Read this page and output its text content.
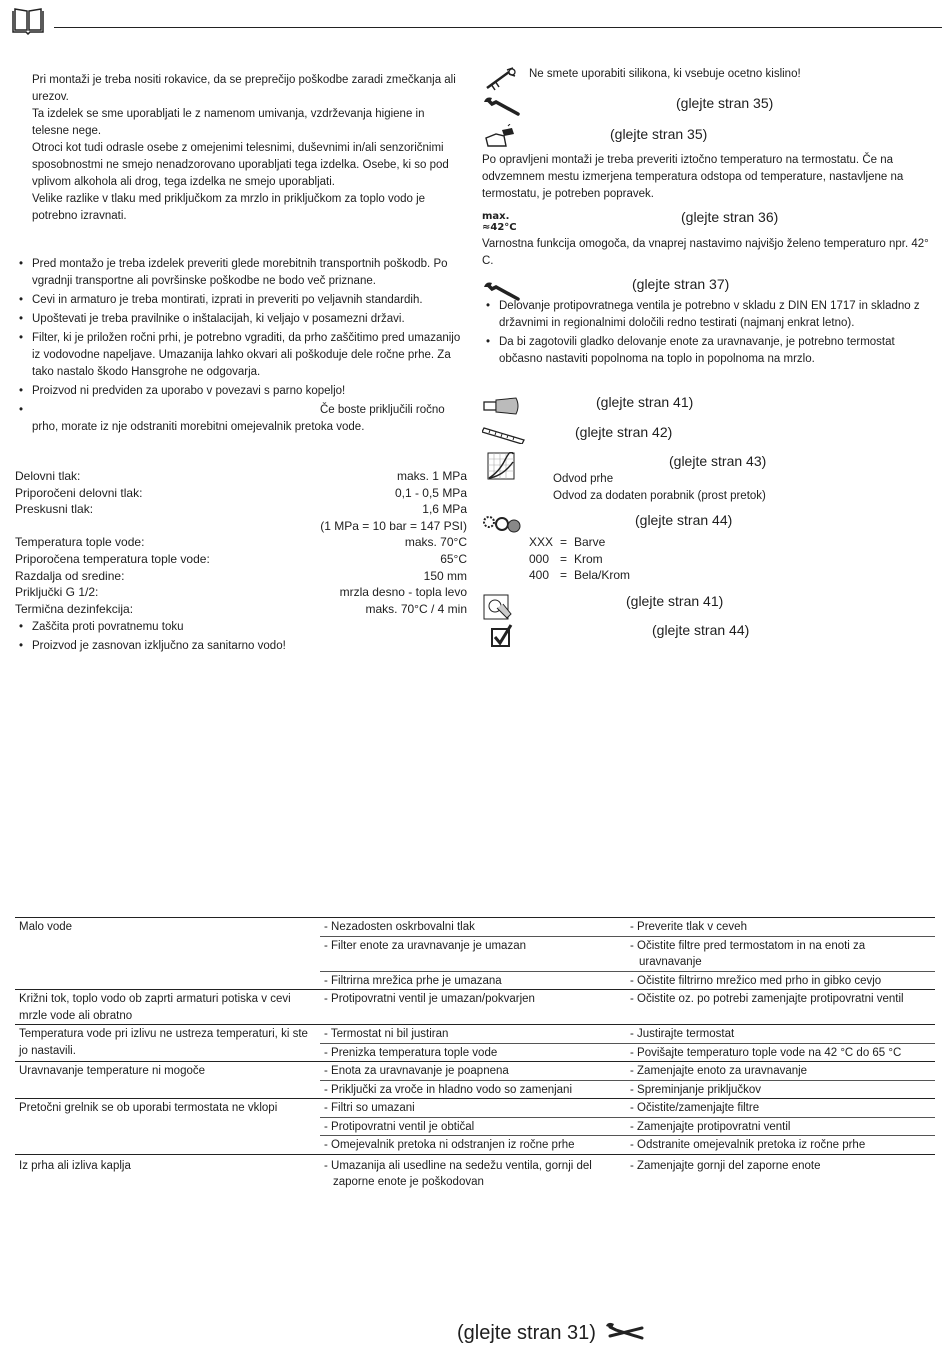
Pri montaži je treba nositi rokavice, da se preprečijo poškodbe zaradi zmečkanja ali urezov.

Ta izdelek se sme uporabljati le z namenom umivanja, vzdrževanja higiene in telesne nege.

Otroci kot tudi odrasle osebe z omejenimi telesnimi, duševnimi in/ali senzoričnimi sposobnostmi ne smejo nenadzorovano uporabljati tega izdelka. Osebe, ki so pod vplivom alkohola ali drog, tega izdelka ne smejo uporabljati.

Velike razlike v tlaku med priključkom za mrzlo in priključkom za toplo vodo je potrebno izravnati.

• Pred montažo je treba izdelek preveriti glede morebitnih transportnih poškodb. Po vgradnji transportne ali površinske poškodbe ne bodo več priznane.

• Cevi in armaturo je treba montirati, izprati in preveriti po veljavnih standardih.

• Upoštevati je treba pravilnike o inštalacijah, ki veljajo v posamezni državi.

• Filter, ki je priložen ročni prhi, je potrebno vgraditi, da prho zaščitimo pred umazanijo iz vodovodne napeljave. Umazanija lahko okvari ali poškoduje dele ročne prhe. Za tako nastalo škodo Hansgrohe ne odgovarja.

• Proizvod ni predviden za uporabo v povezavi s parno kopeljo!

• Če boste priključili ročno prho, morate iz nje odstraniti morebitni omejevalnik pretoka vode.

Delovni tlak:	maks. 1 MPa
Priporočeni delovni tlak:	0,1 - 0,5 MPa
Preskusni tlak:	1,6 MPa
(1 MPa = 10 bar = 147 PSI)
Temperatura tople vode:	maks. 70°C
Priporočena temperatura tople vode:	65°C
Razdalja od sredine:	150 mm
Priključki G 1/2:	mrzla desno - topla levo
Termična dezinfekcija:	maks. 70°C / 4 min

• Zaščita proti povratnemu toku

• Proizvod je zasnovan izključno za sanitarno vodo!

Ne smete uporabiti silikona, ki vsebuje ocetno kislino!

(glejte stran 35)

(glejte stran 35)

Po opravljeni montaži je treba preveriti iztočno temperaturo na termostatu. Če na odvzemnem mestu izmerjena temperatura odstopa od temperature, nastavljene na termostatu, je potreben popravek.

max.
≈42°C

(glejte stran 36)

Varnostna funkcija omogoča, da vnaprej nastavimo najvišjo želeno temperaturo npr. 42° C.

(glejte stran 37)

• Delovanje protipovratnega ventila je potrebno v skladu z DIN EN 1717 in skladno z državnimi in regionalnimi določili redno testirati (najmanj enkrat letno).

• Da bi zagotovili gladko delovanje enote za uravnavanje, je potrebno termostat občasno nastaviti popolnoma na toplo in popolnoma na mrzlo.

(glejte stran 41)

(glejte stran 42)

(glejte stran 43)

Odvod prhe

Odvod za dodaten porabnik (prost pretok)

(glejte stran 44)

XXX = Barve
000 = Krom
400 = Bela/Krom

(glejte stran 41)

(glejte stran 44)

Malo vode	- Nezadosten oskrbovalni tlak	- Preverite tlak v ceveh

	- Filter enote za uravnavanje je umazan	- Očistite filtre pred termostatom in na enoti za uravnavanje

	- Filtrirna mrežica prhe je umazana	- Očistite filtrirno mrežico med prho in gibko cevjo

Križni tok, toplo vodo ob zaprti armaturi potiska v cevi mrzle vode ali obratno	- Protipovratni ventil je umazan/pokvarjen	- Očistite oz. po potrebi zamenjajte protipovratni ventil

Temperatura vode pri izlivu ne ustreza temperaturi, ki ste jo nastavili.	- Termostat ni bil justiran	- Justirajte termostat

	- Prenizka temperatura tople vode	- Povišajte temperaturo tople vode na 42 °C do 65 °C

Uravnavanje temperature ni mogoče	- Enota za uravnavanje je poapnena	- Zamenjajte enoto za uravnavanje

	- Priključki za vroče in hladno vodo so zamenjani	- Spreminjanje priključkov

Pretočni grelnik se ob uporabi termostata ne vklopi	- Filtri so umazani	- Očistite/zamenjajte filtre

	- Protipovratni ventil je obtičal	- Zamenjajte protipovratni ventil

	- Omejevalnik pretoka ni odstranjen iz ročne prhe	- Odstranite omejevalnik pretoka iz ročne prhe

Iz prha ali izliva kaplja	- Umazanija ali usedline na sedežu ventila, gornji del zaporne enote je poškodovan	- Zamenjajte gornji del zaporne enote

(glejte stran 31)
